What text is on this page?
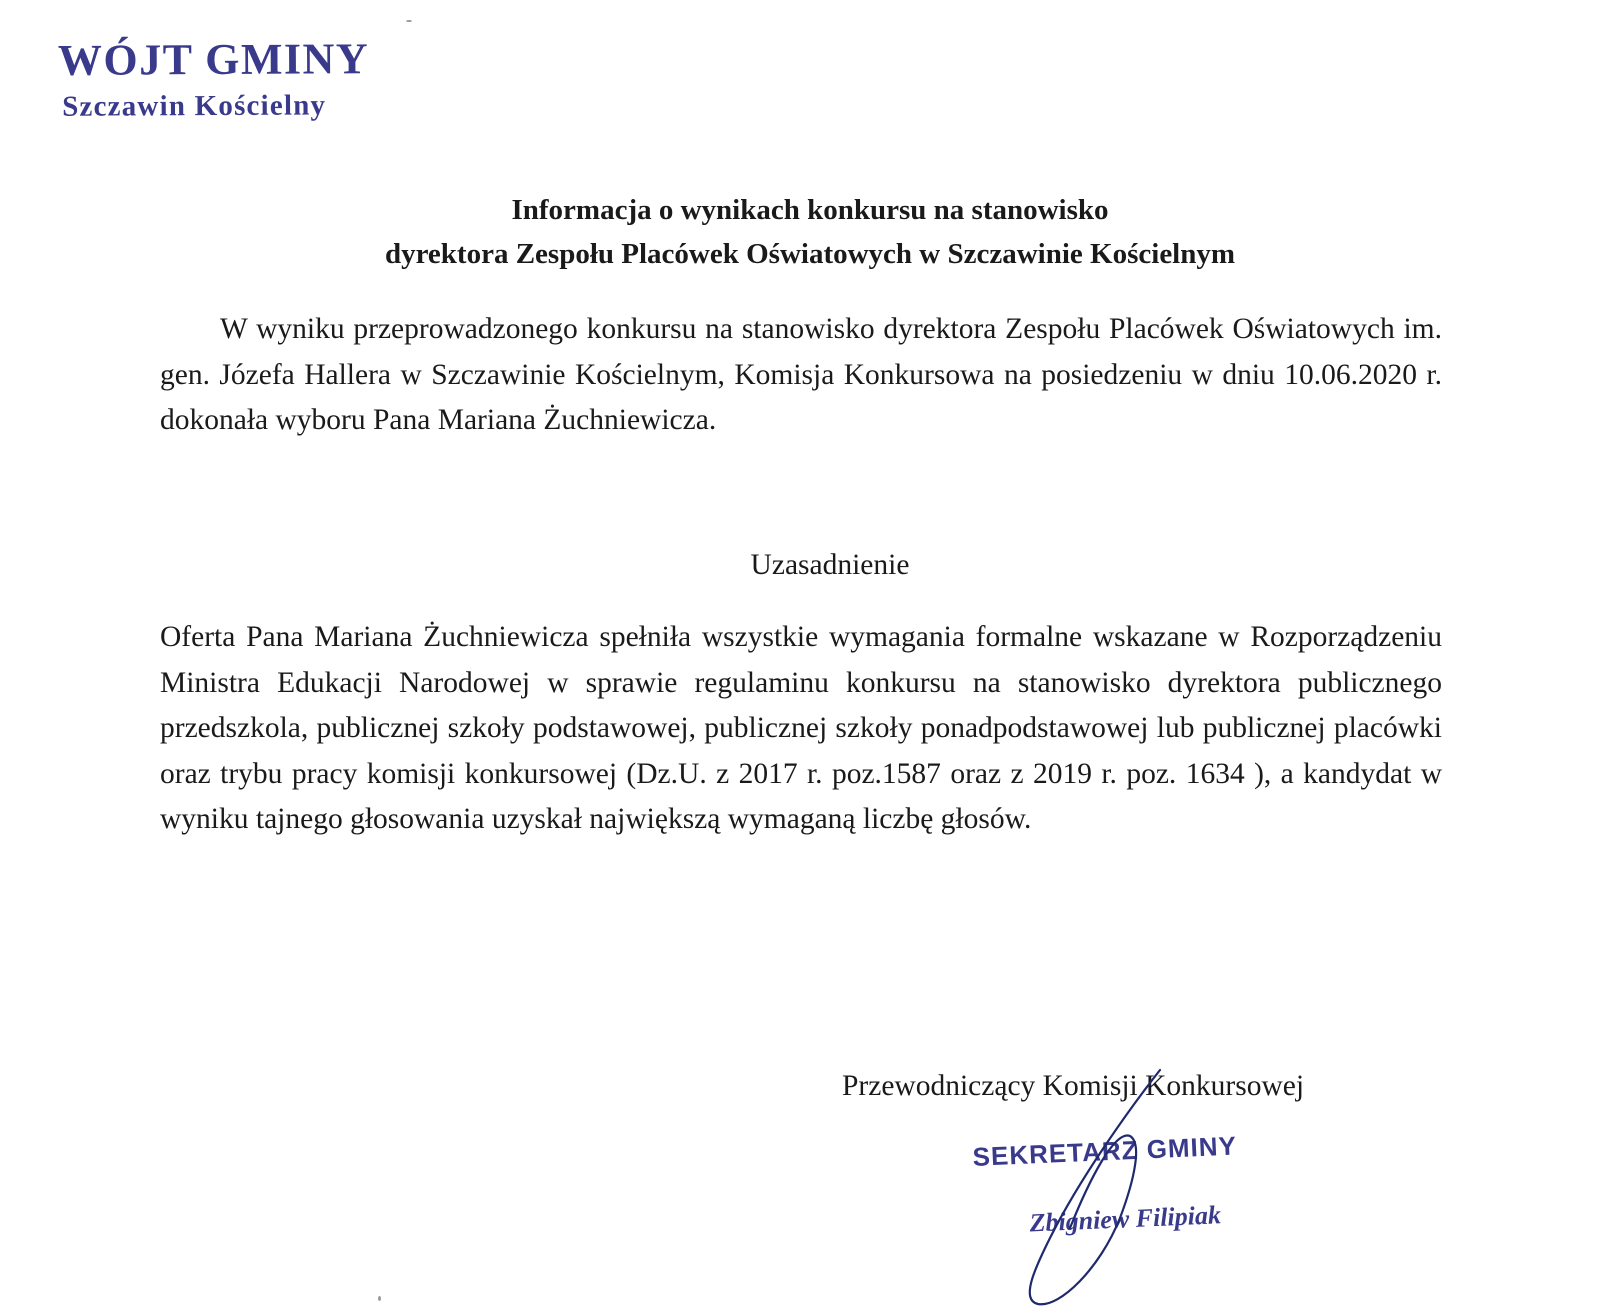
WÓJT GMINY
Szczawin Kościelny
Informacja o wynikach konkursu na stanowisko
dyrektora Zespołu Placówek Oświatowych w Szczawinie Kościelnym
W wyniku przeprowadzonego konkursu na stanowisko dyrektora Zespołu Placówek Oświatowych im. gen. Józefa Hallera w Szczawinie Kościelnym, Komisja Konkursowa na posiedzeniu w dniu 10.06.2020 r. dokonała wyboru Pana Mariana Żuchniewicza.
Uzasadnienie
Oferta Pana Mariana Żuchniewicza spełniła wszystkie wymagania formalne wskazane w Rozporządzeniu Ministra Edukacji Narodowej w sprawie regulaminu konkursu na stanowisko dyrektora publicznego przedszkola, publicznej szkoły podstawowej, publicznej szkoły ponadpodstawowej lub publicznej placówki oraz trybu pracy komisji konkursowej (Dz.U. z 2017 r. poz.1587 oraz z 2019 r. poz. 1634 ), a kandydat w wyniku tajnego głosowania uzyskał największą wymaganą liczbę głosów.
Przewodniczący Komisji Konkursowej
SEKRETARZ GMINY
Zbigniew Filipiak
